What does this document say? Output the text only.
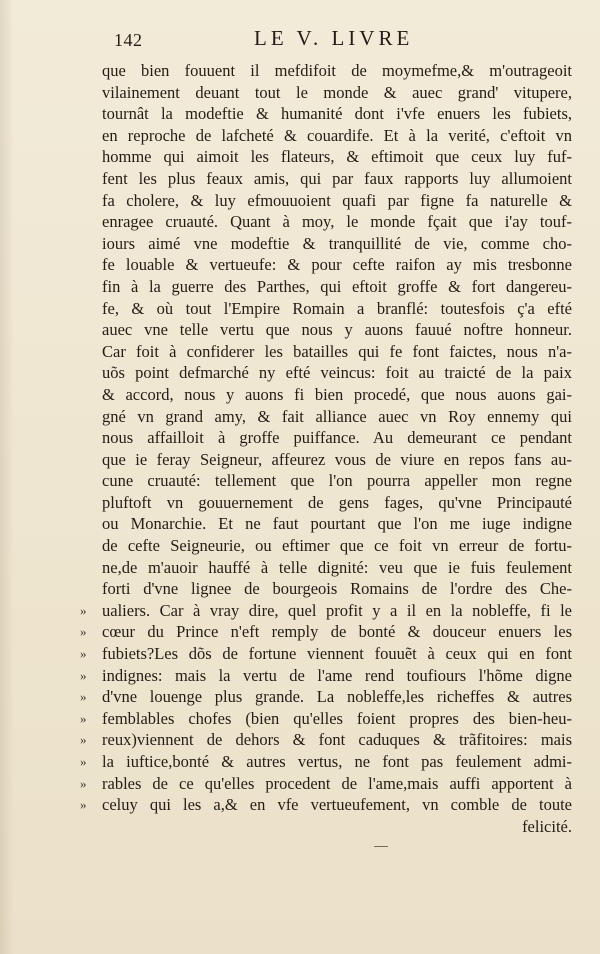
142	LE V. LIVRE
que bien fouuent il mefdifoit de moymefme,& m'outrageoit
vilainement deuant tout le monde & auec grand' vitupere,
tournât la modeftie & humanité dont i'vfe enuers les fubiets,
en reproche de lafcheté & couardife. Et à la verité, c'eftoit vn
homme qui aimoit les flateurs, & eftimoit que ceux luy fuf-
fent les plus feaux amis, qui par faux rapports luy allumoient
fa cholere, & luy efmouuoient quafi par figne fa naturelle &
enragee cruauté. Quant à moy, le monde fçait que i'ay touf-
iours aimé vne modeftie & tranquillité de vie, comme cho-
fe louable & vertueufe: & pour cefte raifon ay mis tresbonne
fin à la guerre des Parthes, qui eftoit groffe & fort dangereu-
fe, & où tout l'Empire Romain a branflé: toutesfois ç'a efté
auec vne telle vertu que nous y auons fauué noftre honneur.
Car foit à confiderer les batailles qui fe font faictes, nous n'a-
uõs point defmarché ny efté veincus: foit au traicté de la paix
& accord, nous y auons fi bien procedé, que nous auons gai-
gné vn grand amy, & fait alliance auec vn Roy ennemy qui
nous affailloit à groffe puiffance. Au demeurant ce pendant
que ie feray Seigneur, affeurez vous de viure en repos fans au-
cune cruauté: tellement que l'on pourra appeller mon regne
pluftoft vn gouuernement de gens fages, qu'vne Principauté
ou Monarchie. Et ne faut pourtant que l'on me iuge indigne
de cefte Seigneurie, ou eftimer que ce foit vn erreur de fortu-
ne,de m'auoir hauffé à telle dignité: veu que ie fuis feulement
forti d'vne lignee de bourgeois Romains de l'ordre des Che-
» ualiers. Car à vray dire, quel profit y a il en la nobleffe, fi le
» cœur du Prince n'eft remply de bonté & douceur enuers les
» fubiets?Les dõs de fortune viennent fouuẽt à ceux qui en font
» indignes: mais la vertu de l'ame rend toufiours l'hõme digne
» d'vne louenge plus grande. La nobleffe,les richeffes & autres
» femblables chofes (bien qu'elles foient propres des bien-heu-
» reux)viennent de dehors & font caduques & trãfitoires: mais
» la iuftice,bonté & autres vertus, ne font pas feulement admi-
» rables de ce qu'elles procedent de l'ame,mais auffi apportent à
» celuy qui les a,& en vfe vertueufement, vn comble de toute
felicité.
